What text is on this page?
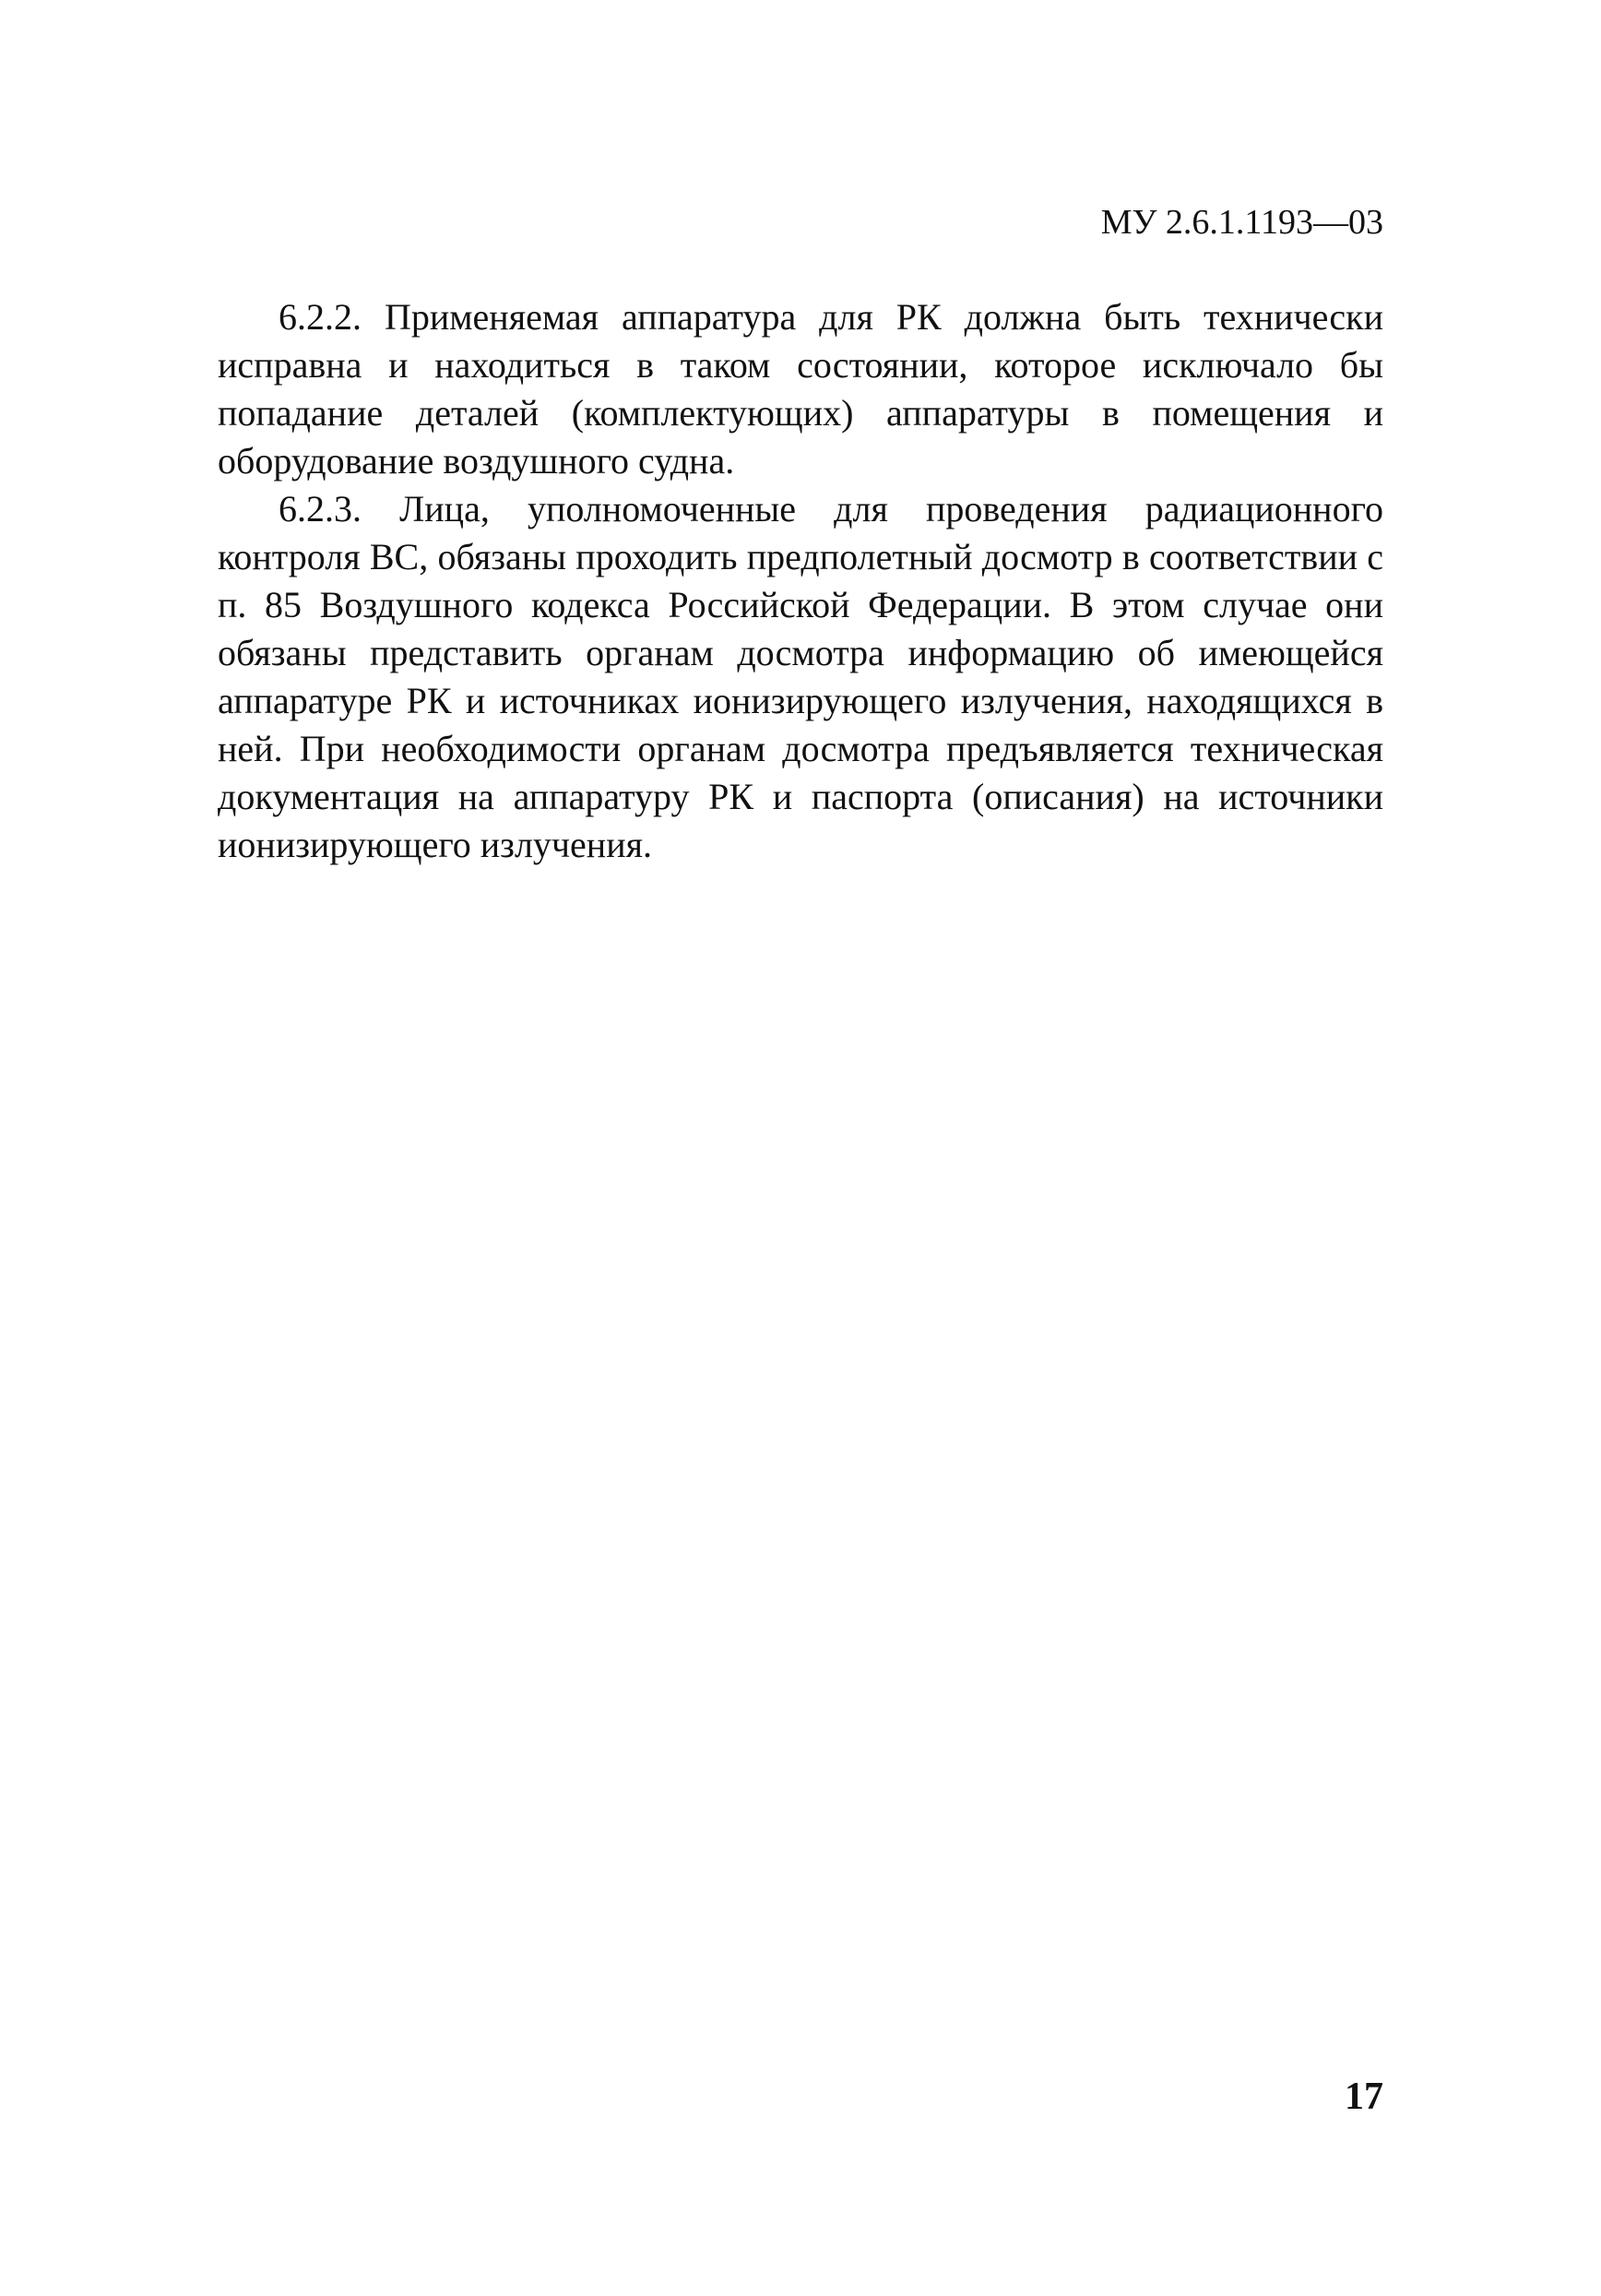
МУ 2.6.1.1193—03

6.2.2. Применяемая аппаратура для РК должна быть технически исправна и находиться в таком состоянии, которое исключало бы попадание деталей (комплектующих) аппаратуры в помещения и оборудование воздушного судна.

6.2.3. Лица, уполномоченные для проведения радиационного контроля ВС, обязаны проходить предполетный досмотр в соответствии с п. 85 Воздушного кодекса Российской Федерации. В этом случае они обязаны представить органам досмотра информацию об имеющейся аппаратуре РК и источниках ионизирующего излучения, находящихся в ней. При необходимости органам досмотра предъявляется техническая документация на аппаратуру РК и паспорта (описания) на источники ионизирующего излучения.

17
